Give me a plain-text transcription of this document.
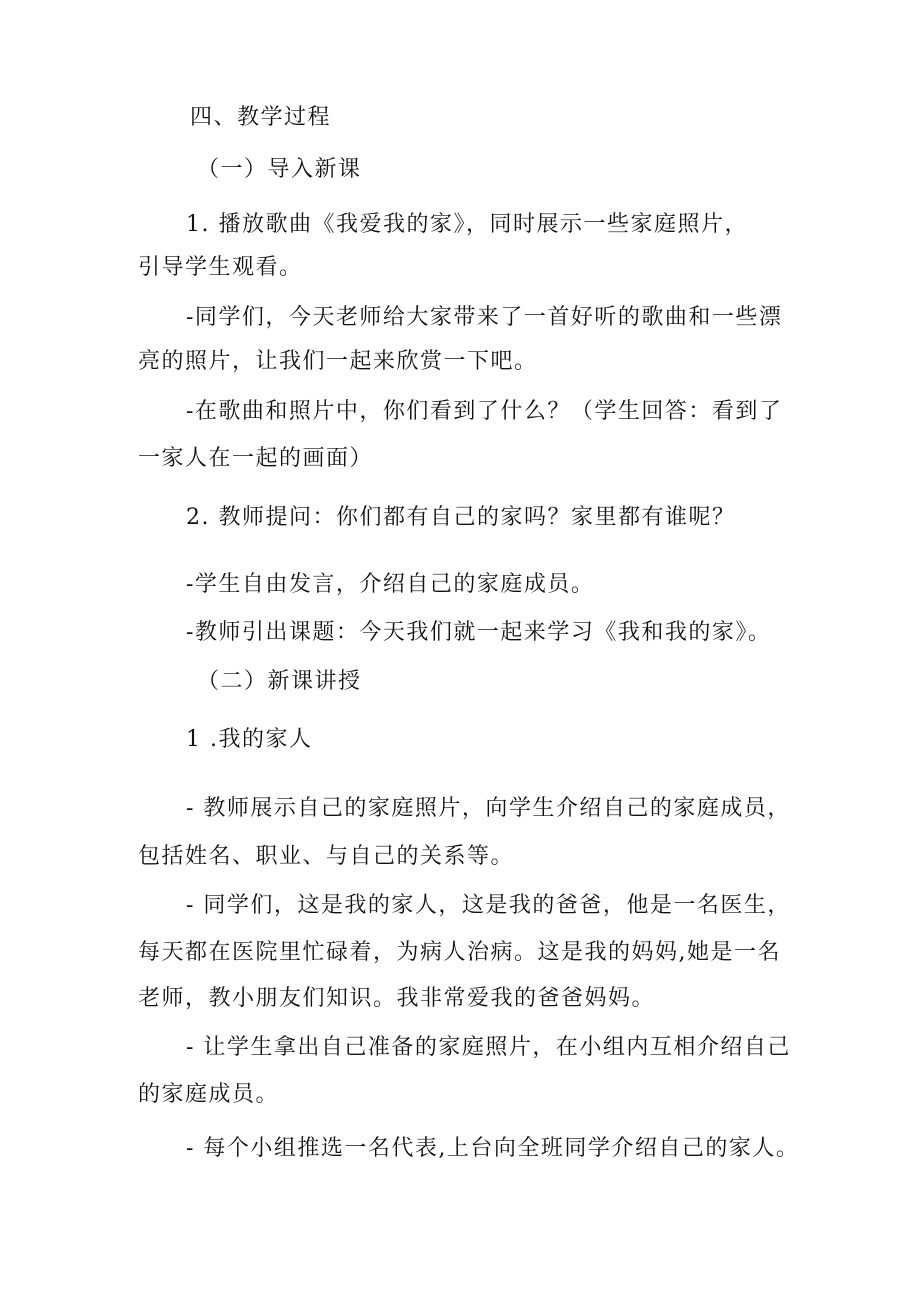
四、教学过程

（一）导入新课

1. 播放歌曲《我爱我的家》，同时展示一些家庭照片，

引导学生观看。

-同学们，今天老师给大家带来了一首好听的歌曲和一些漂

亮的照片，让我们一起来欣赏一下吧。

-在歌曲和照片中，你们看到了什么？（学生回答：看到了

一家人在一起的画面）

2. 教师提问：你们都有自己的家吗？家里都有谁呢？

-学生自由发言，介绍自己的家庭成员。

-教师引出课题：今天我们就一起来学习《我和我的家》。

（二）新课讲授

1 .我的家人

- 教师展示自己的家庭照片，向学生介绍自己的家庭成员，

包括姓名、职业、与自己的关系等。

- 同学们，这是我的家人，这是我的爸爸，他是一名医生，

每天都在医院里忙碌着，为病人治病。这是我的妈妈,她是一名

老师，教小朋友们知识。我非常爱我的爸爸妈妈。

- 让学生拿出自己准备的家庭照片，在小组内互相介绍自己

的家庭成员。

- 每个小组推选一名代表,上台向全班同学介绍自己的家人。
